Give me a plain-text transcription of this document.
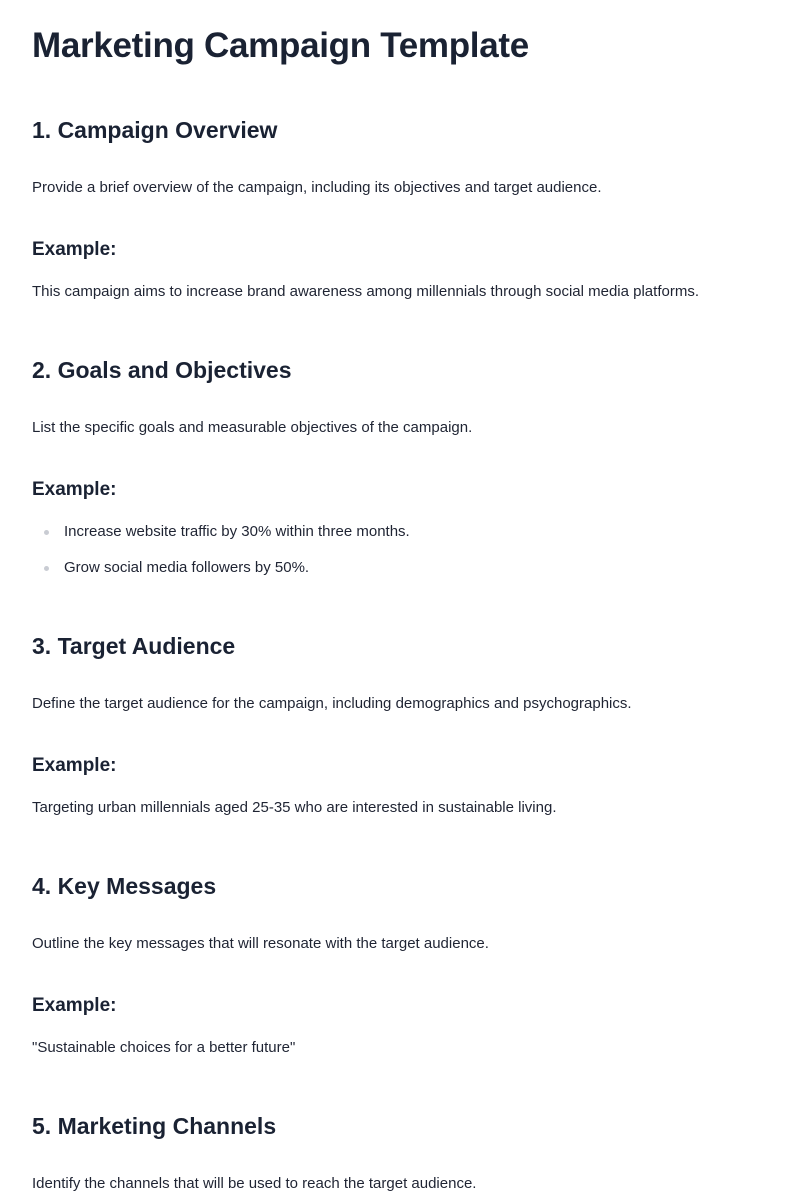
Marketing Campaign Template
1. Campaign Overview

Provide a brief overview of the campaign, including its objectives and target audience.

Example:

This campaign aims to increase brand awareness among millennials through social media platforms.

2. Goals and Objectives

List the specific goals and measurable objectives of the campaign.

Example:
Increase website traffic by 30% within three months.
Grow social media followers by 50%.
3. Target Audience

Define the target audience for the campaign, including demographics and psychographics.

Example:

Targeting urban millennials aged 25-35 who are interested in sustainable living.

4. Key Messages

Outline the key messages that will resonate with the target audience.

Example:

"Sustainable choices for a better future"

5. Marketing Channels

Identify the channels that will be used to reach the target audience.
